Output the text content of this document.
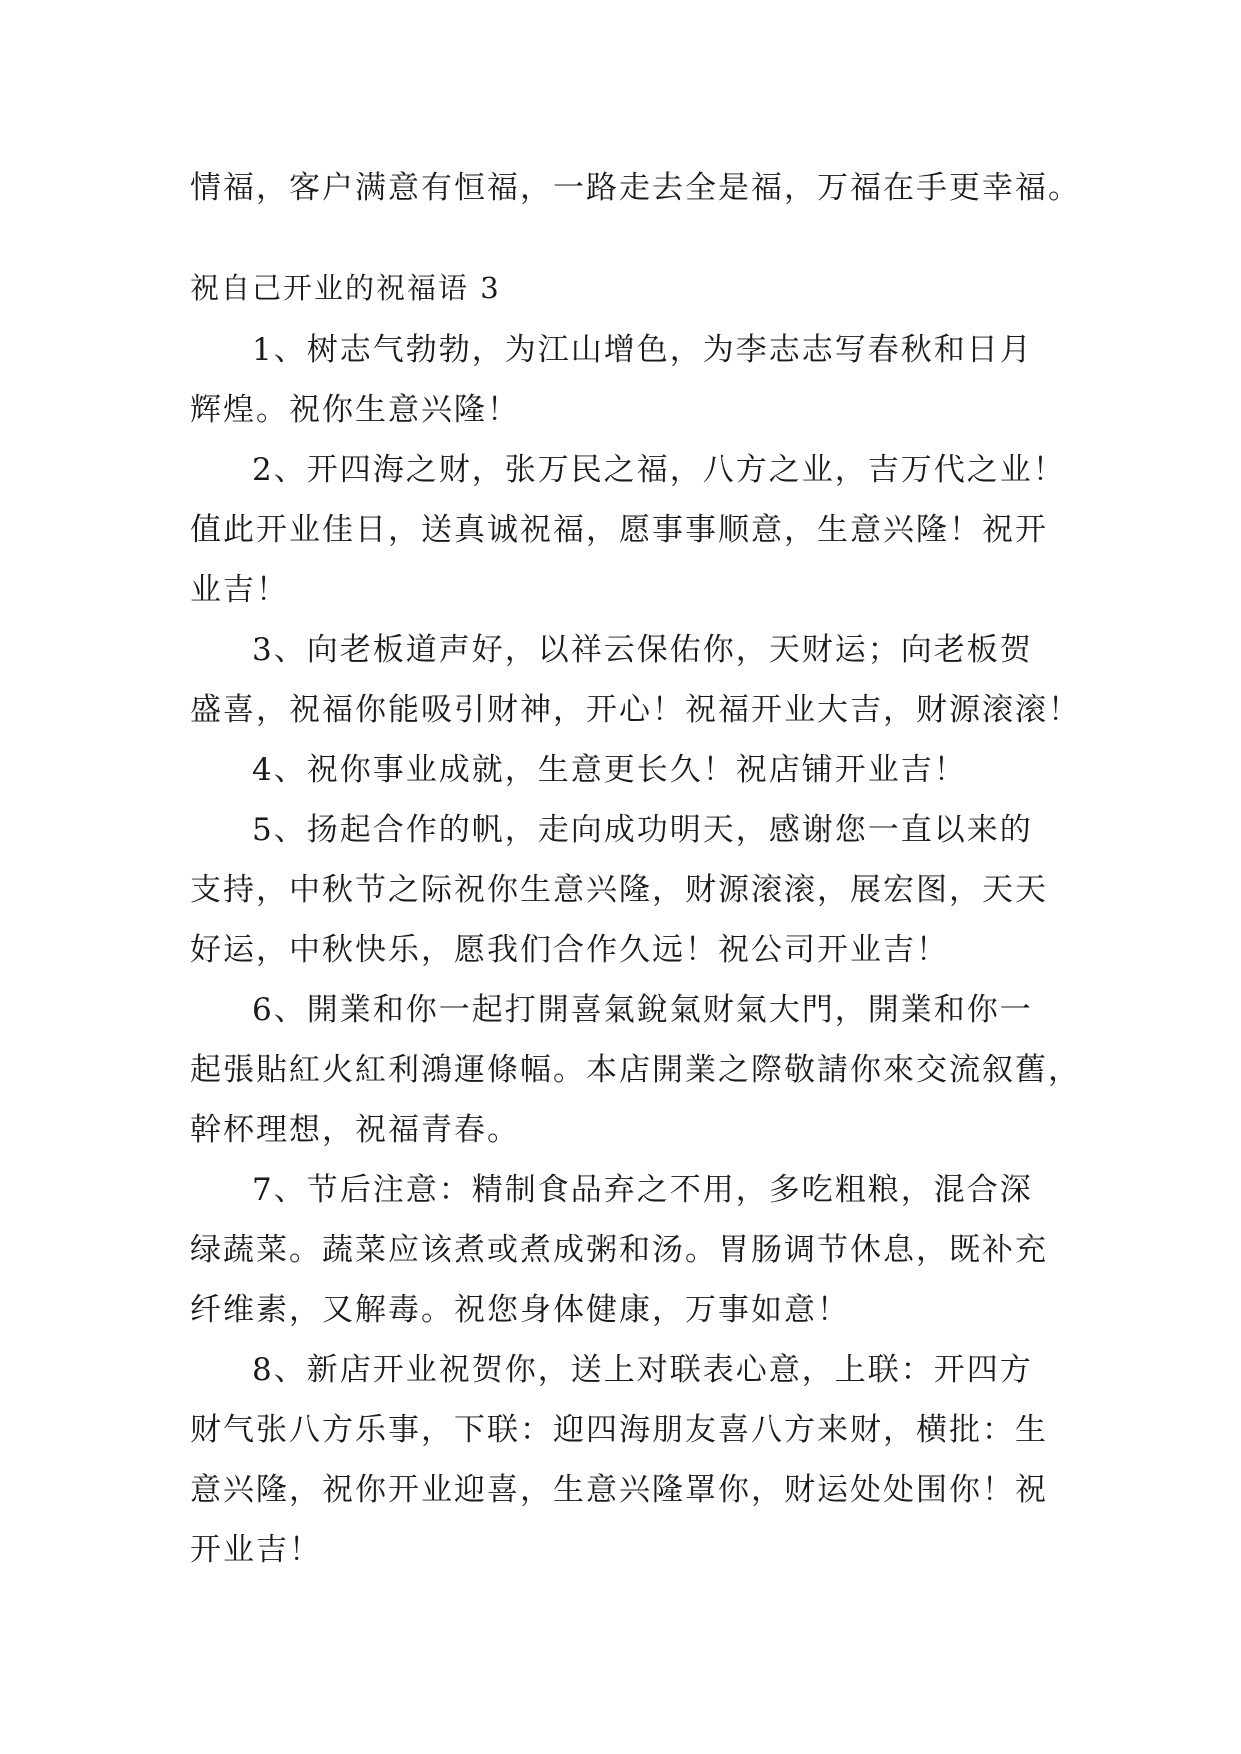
情福，客户满意有恒福，一路走去全是福，万福在手更幸福。
祝自己开业的祝福语 3
1、树志气勃勃，为江山增色，为李志志写春秋和日月
辉煌。祝你生意兴隆！
2、开四海之财，张万民之福，八方之业，吉万代之业！
值此开业佳日，送真诚祝福，愿事事顺意，生意兴隆！祝开
业吉！
3、向老板道声好，以祥云保佑你，天财运；向老板贺
盛喜，祝福你能吸引财神，开心！祝福开业大吉，财源滚滚！
4、祝你事业成就，生意更长久！祝店铺开业吉！
5、扬起合作的帆，走向成功明天，感谢您一直以来的
支持，中秋节之际祝你生意兴隆，财源滚滚，展宏图，天天
好运，中秋快乐，愿我们合作久远！祝公司开业吉！
6、開業和你一起打開喜氣銳氣财氣大門，開業和你一
起張貼紅火紅利鴻運條幅。本店開業之際敬請你來交流叙舊，
幹杯理想，祝福青春。
7、节后注意：精制食品弃之不用，多吃粗粮，混合深
绿蔬菜。蔬菜应该煮或煮成粥和汤。胃肠调节休息，既补充
纤维素，又解毒。祝您身体健康，万事如意！
8、新店开业祝贺你，送上对联表心意，上联：开四方
财气张八方乐事，下联：迎四海朋友喜八方来财，横批：生
意兴隆，祝你开业迎喜，生意兴隆罩你，财运处处围你！祝
开业吉！
